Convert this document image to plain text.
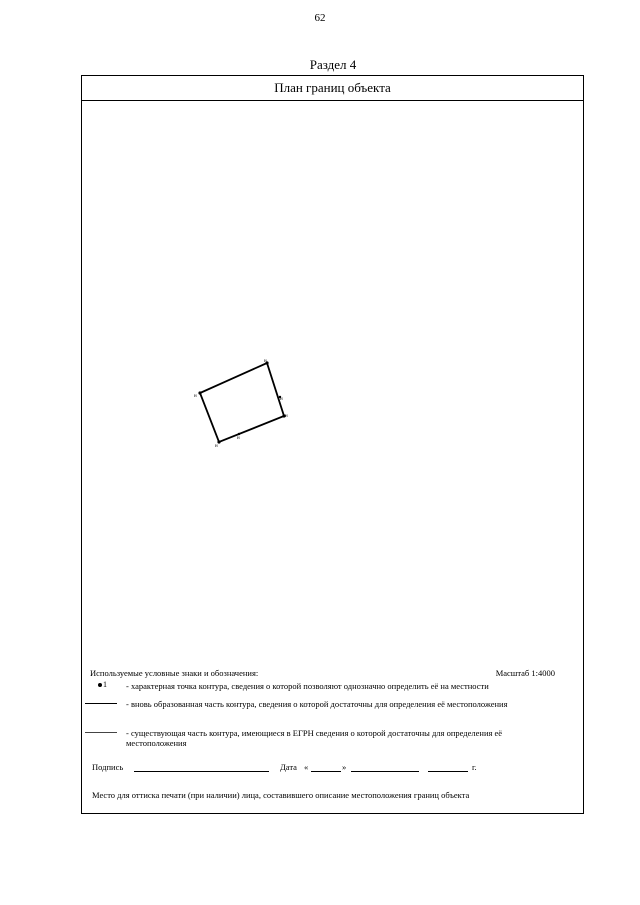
62
Раздел 4
План границ объекта
н
н
н
н
н
н
Используемые условные знаки и обозначения:	Масштаб 1:4000
1 - характерная точка контура, сведения о которой позволяют однозначно определить её на местности
- вновь образованная часть контура, сведения о которой достаточны для определения её местоположения
- существующая часть контура, имеющиеся в ЕГРН сведения о которой достаточны для определения её местоположения
Подпись	Дата «	»	г.
Место для оттиска печати (при наличии) лица, составившего описание местоположения границ объекта
